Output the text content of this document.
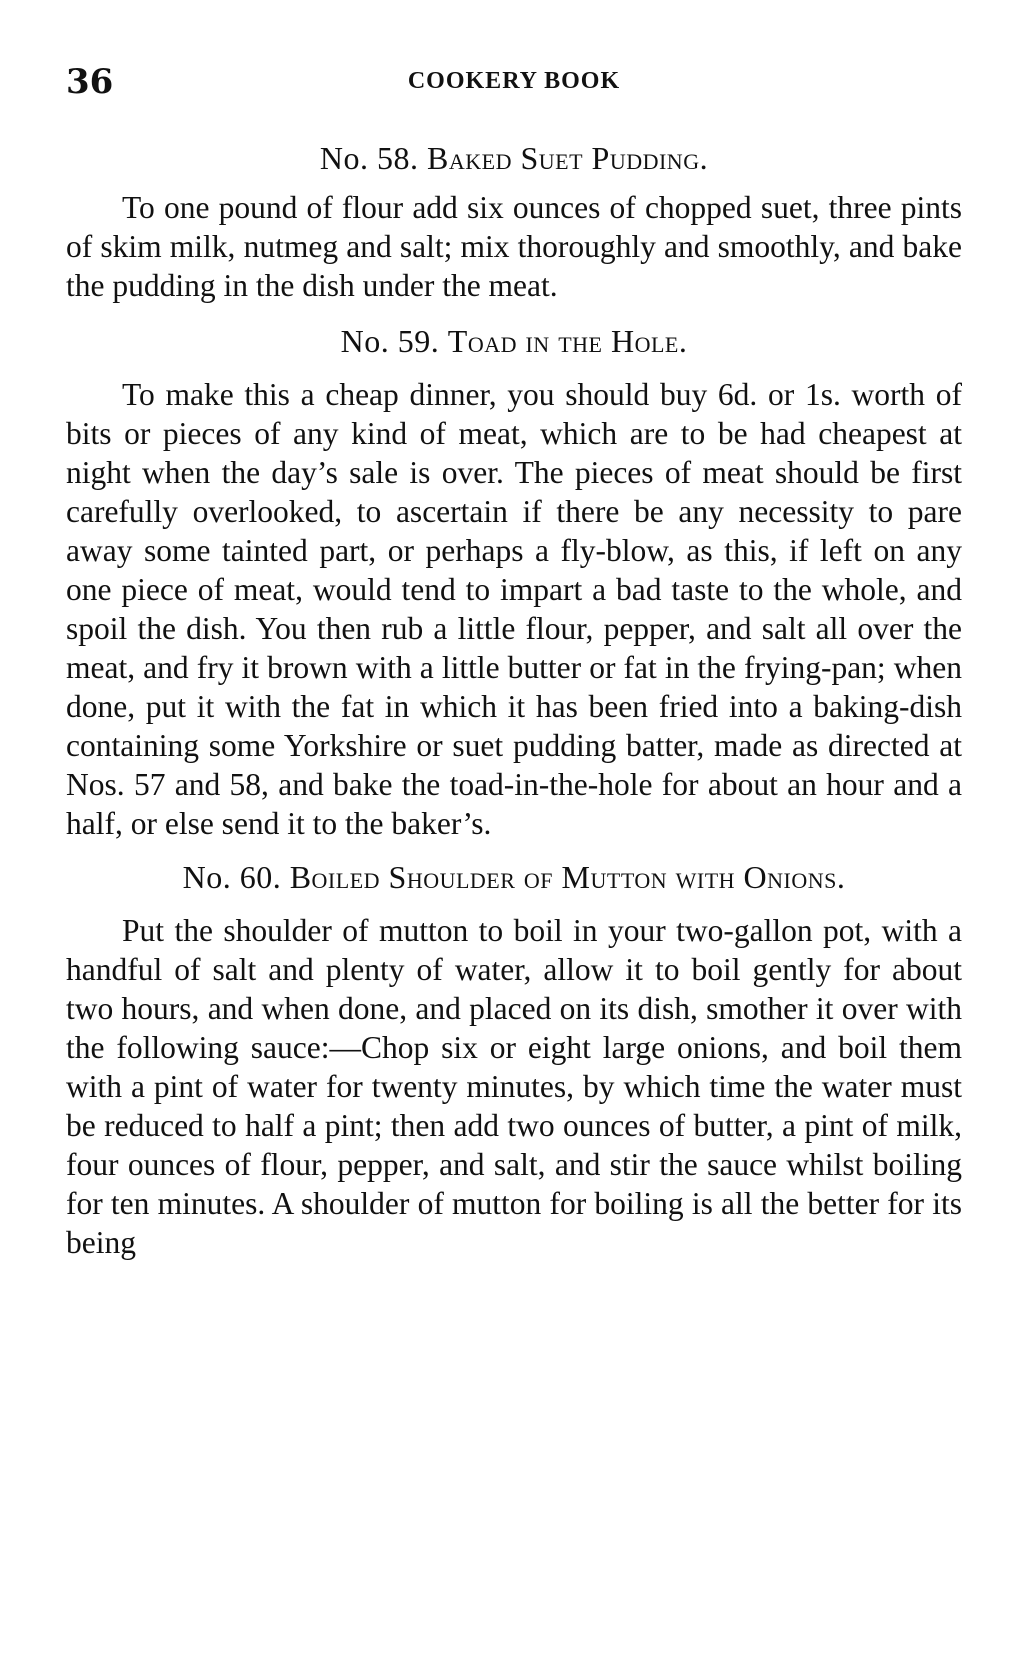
36	COOKERY BOOK
No. 58. Baked Suet Pudding.

To one pound of flour add six ounces of chopped suet, three pints of skim milk, nutmeg and salt; mix thoroughly and smoothly, and bake the pudding in the dish under the meat.

No. 59. Toad in the Hole.

To make this a cheap dinner, you should buy 6d. or 1s. worth of bits or pieces of any kind of meat, which are to be had cheapest at night when the day’s sale is over. The pieces of meat should be first carefully overlooked, to ascertain if there be any necessity to pare away some tainted part, or perhaps a fly-blow, as this, if left on any one piece of meat, would tend to impart a bad taste to the whole, and spoil the dish. You then rub a little flour, pepper, and salt all over the meat, and fry it brown with a little butter or fat in the frying-pan; when done, put it with the fat in which it has been fried into a baking-dish containing some Yorkshire or suet pudding batter, made as directed at Nos. 57 and 58, and bake the toad-in-the-hole for about an hour and a half, or else send it to the baker’s.

No. 60. Boiled Shoulder of Mutton with Onions.

Put the shoulder of mutton to boil in your two-gallon pot, with a handful of salt and plenty of water, allow it to boil gently for about two hours, and when done, and placed on its dish, smother it over with the following sauce:—Chop six or eight large onions, and boil them with a pint of water for twenty minutes, by which time the water must be reduced to half a pint; then add two ounces of butter, a pint of milk, four ounces of flour, pepper, and salt, and stir the sauce whilst boiling for ten minutes. A shoulder of mutton for boiling is all the better for its being
